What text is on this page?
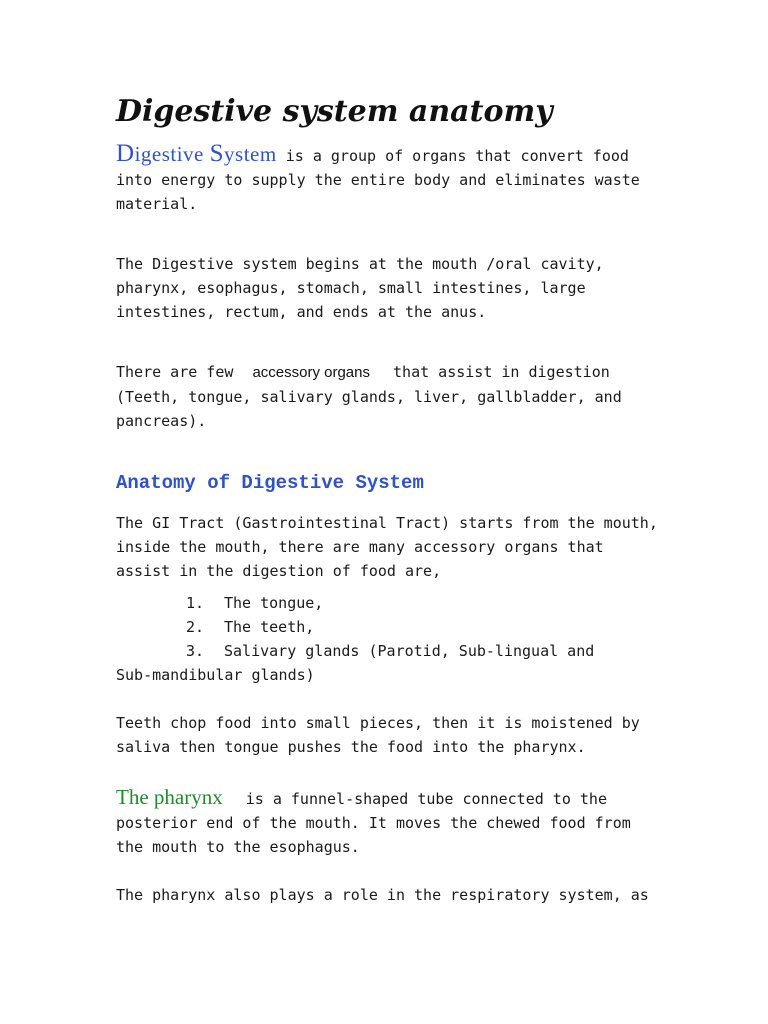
Digestive system anatomy

Digestive System is a group of organs that convert food into energy to supply the entire body and eliminates waste material.

The Digestive system begins at the mouth /oral cavity, pharynx, esophagus, stomach, small intestines, large intestines, rectum, and ends at the anus.

There are few accessory organs that assist in digestion (Teeth, tongue, salivary glands, liver, gallbladder, and pancreas).

Anatomy of Digestive System

The GI Tract (Gastrointestinal Tract) starts from the mouth, inside the mouth, there are many accessory organs that assist in the digestion of food are,

1.	The tongue,
2.	The teeth,
3.	Salivary glands (Parotid, Sub-lingual and

Sub-mandibular glands)

Teeth chop food into small pieces, then it is moistened by saliva then tongue pushes the food into the pharynx.

The pharynx is a funnel-shaped tube connected to the posterior end of the mouth. It moves the chewed food from the mouth to the esophagus.

The pharynx also plays a role in the respiratory system, as
